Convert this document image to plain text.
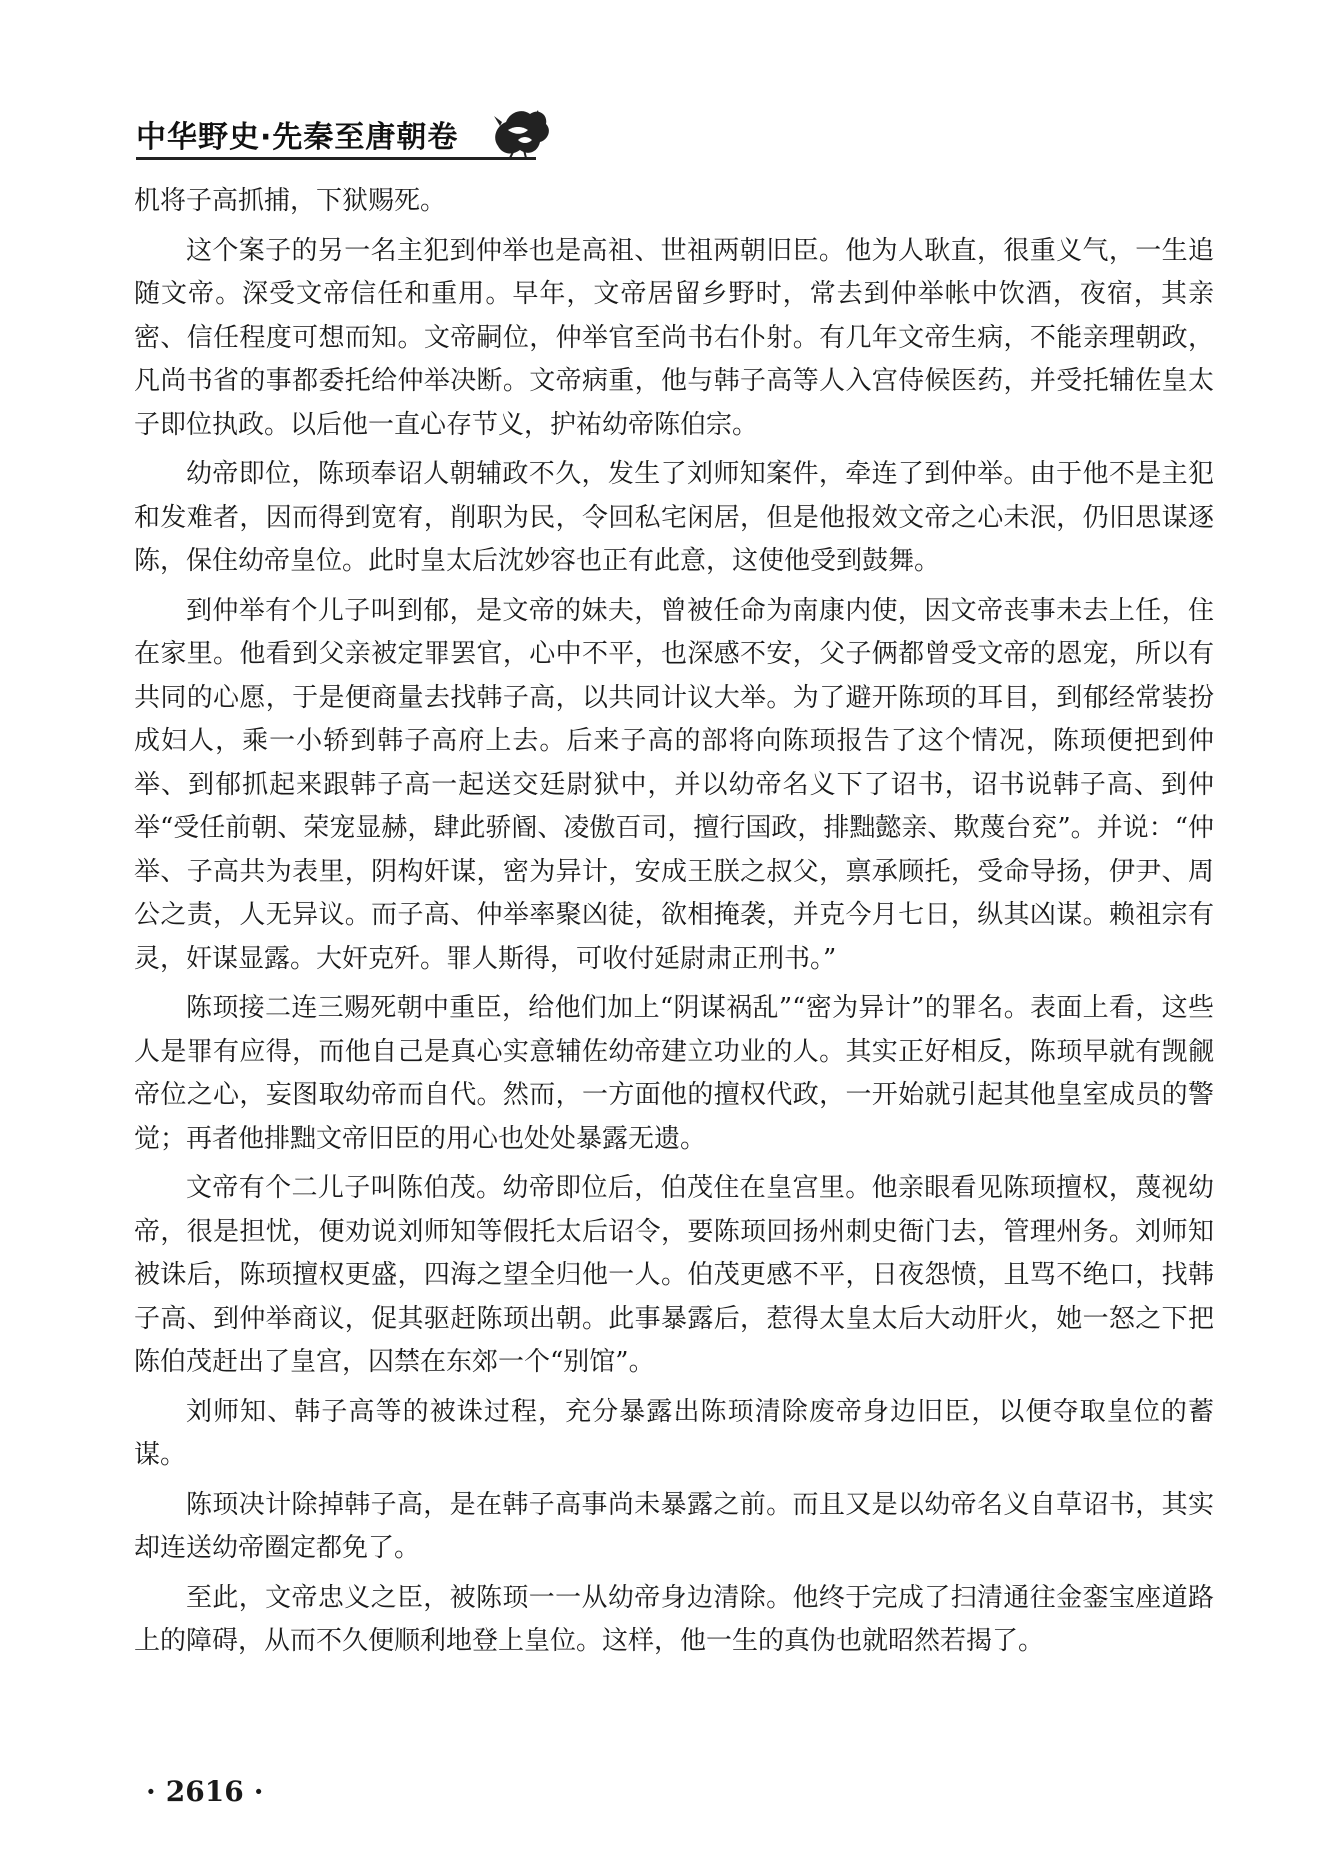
中华野史·先秦至唐朝卷

机将子高抓捕，下狱赐死。

这个案子的另一名主犯到仲举也是高祖、世祖两朝旧臣。他为人耿直，很重义气，一生追随文帝。深受文帝信任和重用。早年，文帝居留乡野时，常去到仲举帐中饮酒，夜宿，其亲密、信任程度可想而知。文帝嗣位，仲举官至尚书右仆射。有几年文帝生病，不能亲理朝政，凡尚书省的事都委托给仲举决断。文帝病重，他与韩子高等人入宫侍候医药，并受托辅佐皇太子即位执政。以后他一直心存节义，护祐幼帝陈伯宗。

幼帝即位，陈顼奉诏人朝辅政不久，发生了刘师知案件，牵连了到仲举。由于他不是主犯和发难者，因而得到宽宥，削职为民，令回私宅闲居，但是他报效文帝之心未泯，仍旧思谋逐陈，保住幼帝皇位。此时皇太后沈妙容也正有此意，这使他受到鼓舞。

到仲举有个儿子叫到郁，是文帝的妹夫，曾被任命为南康内使，因文帝丧事未去上任，住在家里。他看到父亲被定罪罢官，心中不平，也深感不安，父子俩都曾受文帝的恩宠，所以有共同的心愿，于是便商量去找韩子高，以共同计议大举。为了避开陈顼的耳目，到郁经常装扮成妇人，乘一小轿到韩子高府上去。后来子高的部将向陈顼报告了这个情况，陈顼便把到仲举、到郁抓起来跟韩子高一起送交廷尉狱中，并以幼帝名义下了诏书，诏书说韩子高、到仲举“受任前朝、荣宠显赫，肆此骄阍、凌傲百司，擅行国政，排黜懿亲、欺蔑台兖”。并说：“仲举、子高共为表里，阴构奸谋，密为异计，安成王朕之叔父，禀承顾托，受命导扬，伊尹、周公之责，人无异议。而子高、仲举率聚凶徒，欲相掩袭，并克今月七日，纵其凶谋。赖祖宗有灵，奸谋显露。大奸克歼。罪人斯得，可收付延尉肃正刑书。”

陈顼接二连三赐死朝中重臣，给他们加上“阴谋祸乱”“密为异计”的罪名。表面上看，这些人是罪有应得，而他自己是真心实意辅佐幼帝建立功业的人。其实正好相反，陈顼早就有觊觎帝位之心，妄图取幼帝而自代。然而，一方面他的擅权代政，一开始就引起其他皇室成员的警觉；再者他排黜文帝旧臣的用心也处处暴露无遗。

文帝有个二儿子叫陈伯茂。幼帝即位后，伯茂住在皇宫里。他亲眼看见陈顼擅权，蔑视幼帝，很是担忧，便劝说刘师知等假托太后诏令，要陈顼回扬州刺史衙门去，管理州务。刘师知被诛后，陈顼擅权更盛，四海之望全归他一人。伯茂更感不平，日夜怨愤，且骂不绝口，找韩子高、到仲举商议，促其驱赶陈顼出朝。此事暴露后，惹得太皇太后大动肝火，她一怒之下把陈伯茂赶出了皇宫，囚禁在东郊一个“别馆”。

刘师知、韩子高等的被诛过程，充分暴露出陈顼清除废帝身边旧臣，以便夺取皇位的蓄谋。

陈顼决计除掉韩子高，是在韩子高事尚未暴露之前。而且又是以幼帝名义自草诏书，其实却连送幼帝圈定都免了。

至此，文帝忠义之臣，被陈顼一一从幼帝身边清除。他终于完成了扫清通往金銮宝座道路上的障碍，从而不久便顺利地登上皇位。这样，他一生的真伪也就昭然若揭了。

· 2616 ·
